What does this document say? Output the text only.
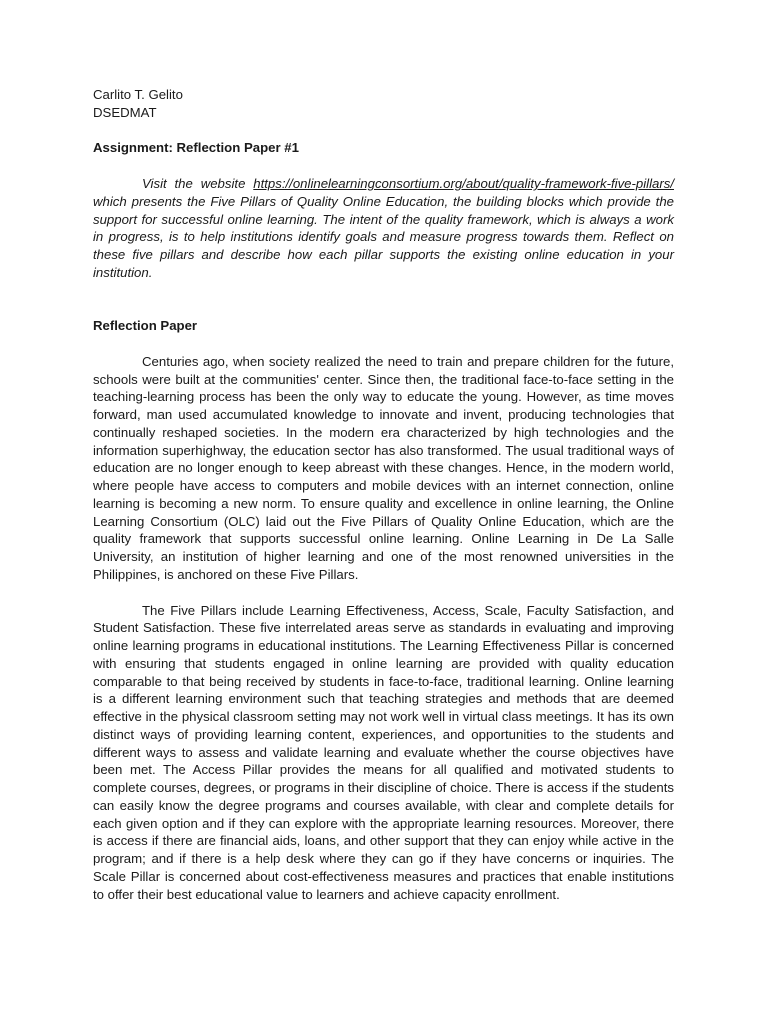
Carlito T. Gelito

DSEDMAT

Assignment: Reflection Paper #1

Visit the website https://onlinelearningconsortium.org/about/quality-framework-five-pillars/ which presents the Five Pillars of Quality Online Education, the building blocks which provide the support for successful online learning. The intent of the quality framework, which is always a work in progress, is to help institutions identify goals and measure progress towards them. Reflect on these five pillars and describe how each pillar supports the existing online education in your institution.

Reflection Paper

Centuries ago, when society realized the need to train and prepare children for the future, schools were built at the communities' center. Since then, the traditional face-to-face setting in the teaching-learning process has been the only way to educate the young. However, as time moves forward, man used accumulated knowledge to innovate and invent, producing technologies that continually reshaped societies. In the modern era characterized by high technologies and the information superhighway, the education sector has also transformed. The usual traditional ways of education are no longer enough to keep abreast with these changes. Hence, in the modern world, where people have access to computers and mobile devices with an internet connection, online learning is becoming a new norm. To ensure quality and excellence in online learning, the Online Learning Consortium (OLC) laid out the Five Pillars of Quality Online Education, which are the quality framework that supports successful online learning. Online Learning in De La Salle University, an institution of higher learning and one of the most renowned universities in the Philippines, is anchored on these Five Pillars.

The Five Pillars include Learning Effectiveness, Access, Scale, Faculty Satisfaction, and Student Satisfaction. These five interrelated areas serve as standards in evaluating and improving online learning programs in educational institutions. The Learning Effectiveness Pillar is concerned with ensuring that students engaged in online learning are provided with quality education comparable to that being received by students in face-to-face, traditional learning. Online learning is a different learning environment such that teaching strategies and methods that are deemed effective in the physical classroom setting may not work well in virtual class meetings. It has its own distinct ways of providing learning content, experiences, and opportunities to the students and different ways to assess and validate learning and evaluate whether the course objectives have been met. The Access Pillar provides the means for all qualified and motivated students to complete courses, degrees, or programs in their discipline of choice. There is access if the students can easily know the degree programs and courses available, with clear and complete details for each given option and if they can explore with the appropriate learning resources. Moreover, there is access if there are financial aids, loans, and other support that they can enjoy while active in the program; and if there is a help desk where they can go if they have concerns or inquiries. The Scale Pillar is concerned about cost-effectiveness measures and practices that enable institutions to offer their best educational value to learners and achieve capacity enrollment.
